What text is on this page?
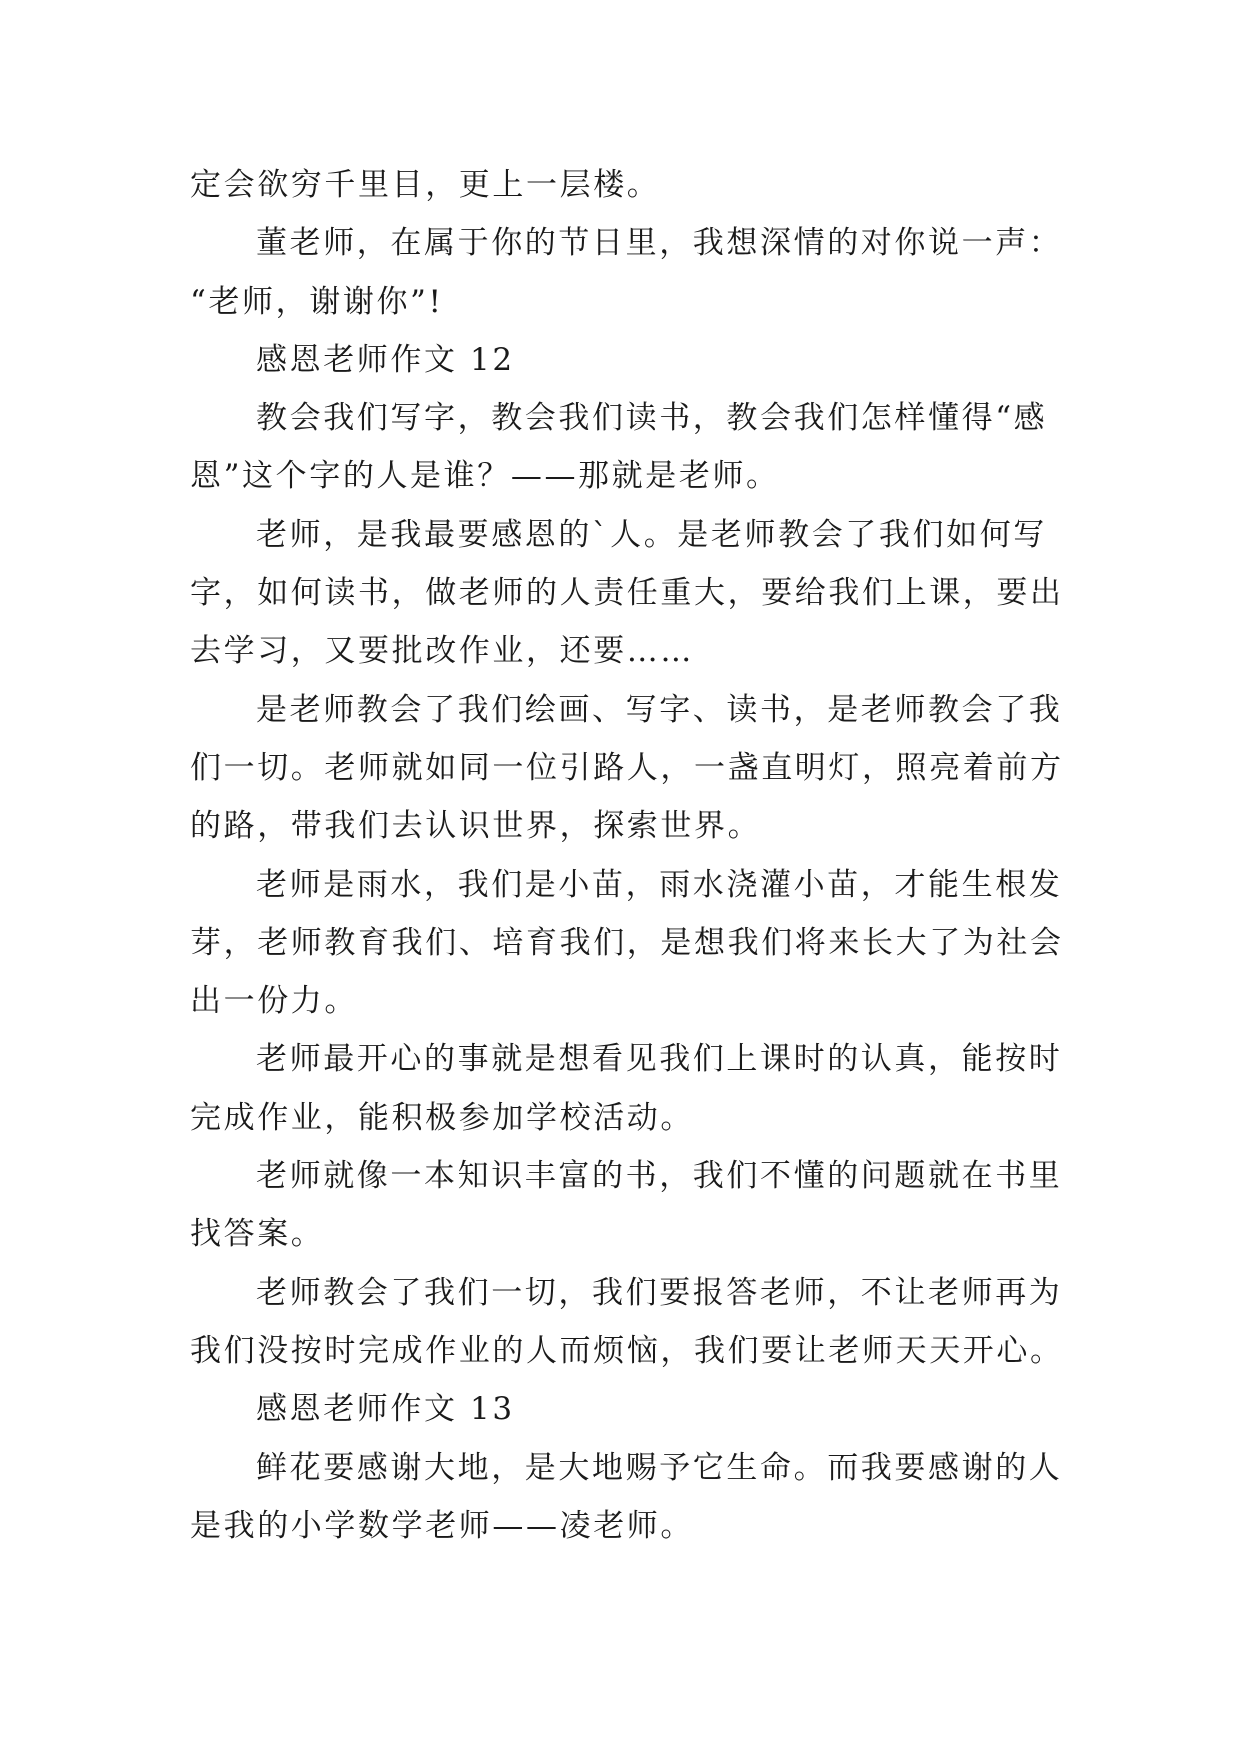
定会欲穷千里目，更上一层楼。
董老师，在属于你的节日里，我想深情的对你说一声：
“老师，谢谢你”!
感恩老师作文 12
教会我们写字，教会我们读书，教会我们怎样懂得“感
恩”这个字的人是谁？——那就是老师。
老师，是我最要感恩的`人。是老师教会了我们如何写
字，如何读书，做老师的人责任重大，要给我们上课，要出
去学习，又要批改作业，还要……
是老师教会了我们绘画、写字、读书，是老师教会了我
们一切。老师就如同一位引路人，一盏直明灯，照亮着前方
的路，带我们去认识世界，探索世界。
老师是雨水，我们是小苗，雨水浇灌小苗，才能生根发
芽，老师教育我们、培育我们，是想我们将来长大了为社会
出一份力。
老师最开心的事就是想看见我们上课时的认真，能按时
完成作业，能积极参加学校活动。
老师就像一本知识丰富的书，我们不懂的问题就在书里
找答案。
老师教会了我们一切，我们要报答老师，不让老师再为
我们没按时完成作业的人而烦恼，我们要让老师天天开心。
感恩老师作文 13
鲜花要感谢大地，是大地赐予它生命。而我要感谢的人
是我的小学数学老师——凌老师。
